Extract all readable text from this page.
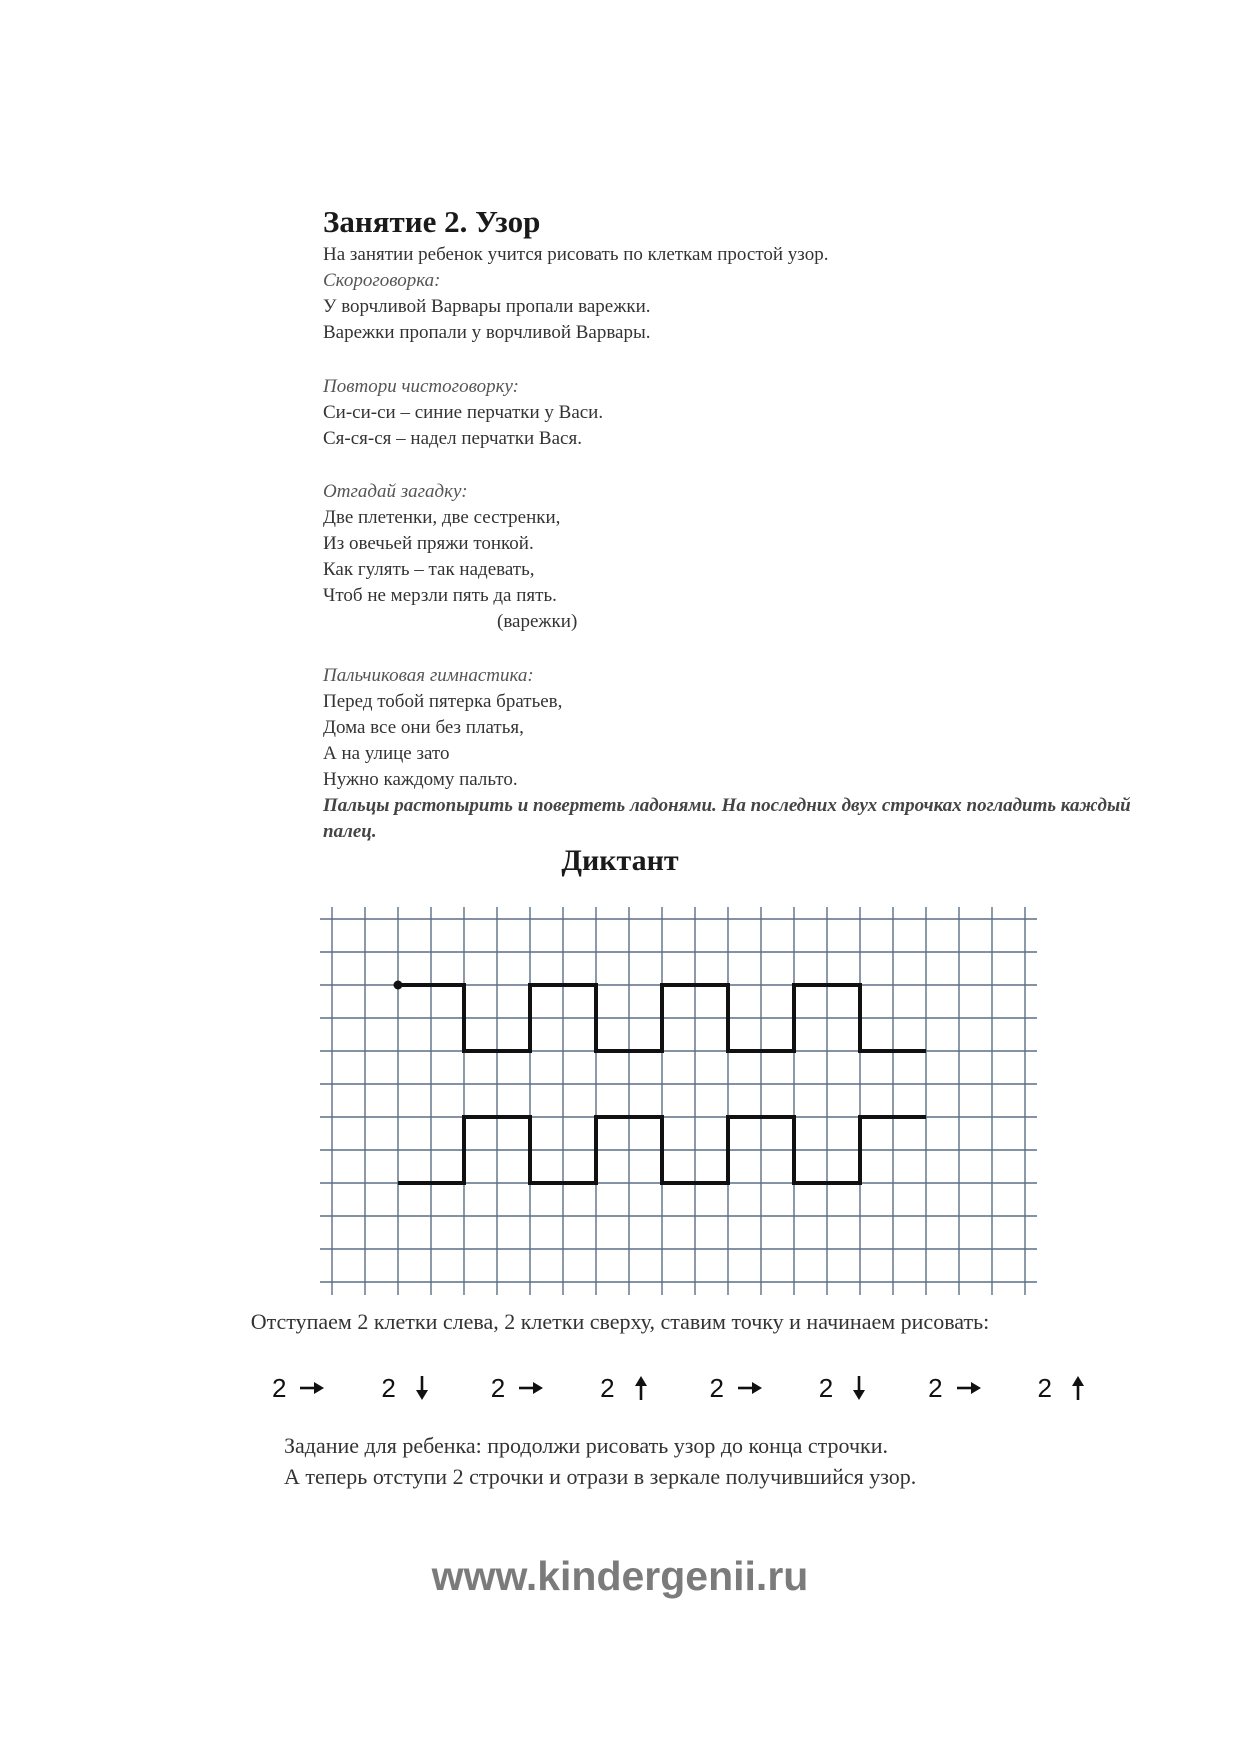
Занятие 2. Узор

На занятии ребенок учится рисовать по клеткам простой узор.

Скороговорка:

У ворчливой Варвары пропали варежки.

Варежки пропали у ворчливой Варвары.

Повтори чистоговорку:

Си-си-си – синие перчатки у Васи.

Ся-ся-ся – надел перчатки Вася.

Отгадай загадку:

Две плетенки, две сестренки,

Из овечьей пряжи тонкой.

Как гулять – так надевать,

Чтоб не мерзли пять да пять.

(варежки)

Пальчиковая гимнастика:

Перед тобой пятерка братьев,

Дома все они без платья,

А на улице зато

Нужно каждому пальто.

Пальцы растопырить и повертеть ладонями. На последних двух строчках погладить каждый палец.

Диктант

Отступаем 2 клетки слева, 2 клетки сверху, ставим точку и начинаем рисовать:

2	2	2	2	2	2	2	2

Задание для ребенка: продолжи рисовать узор до конца строчки.

А теперь отступи 2 строчки и отрази в зеркале получившийся узор.

www.kindergenii.ru
